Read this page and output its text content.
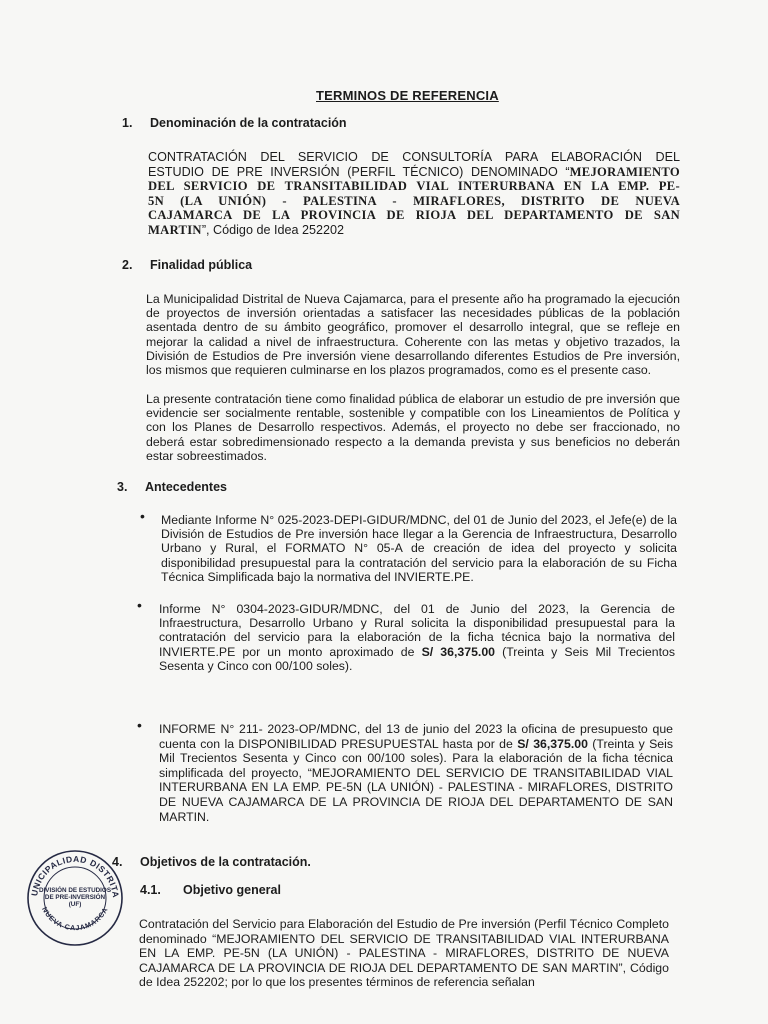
TERMINOS DE REFERENCIA
1. Denominación de la contratación
CONTRATACIÓN DEL SERVICIO DE CONSULTORÍA PARA ELABORACIÓN DEL
ESTUDIO DE PRE INVERSIÓN (PERFIL TÉCNICO) DENOMINADO “MEJORAMIENTO
DEL SERVICIO DE TRANSITABILIDAD VIAL INTERURBANA EN LA EMP. PE-
5N (LA UNIÓN) - PALESTINA - MIRAFLORES, DISTRITO DE NUEVA
CAJAMARCA DE LA PROVINCIA DE RIOJA DEL DEPARTAMENTO DE SAN
MARTIN”, Código de Idea 252202
2. Finalidad pública
La Municipalidad Distrital de Nueva Cajamarca, para el presente año ha programado la ejecución de proyectos de inversión orientadas a satisfacer las necesidades públicas de la población asentada dentro de su ámbito geográfico, promover el desarrollo integral, que se refleje en mejorar la calidad a nivel de infraestructura. Coherente con las metas y objetivo trazados, la División de Estudios de Pre inversión viene desarrollando diferentes Estudios de Pre inversión, los mismos que requieren culminarse en los plazos programados, como es el presente caso.
La presente contratación tiene como finalidad pública de elaborar un estudio de pre inversión que evidencie ser socialmente rentable, sostenible y compatible con los Lineamientos de Política y con los Planes de Desarrollo respectivos. Además, el proyecto no debe ser fraccionado, no deberá estar sobredimensionado respecto a la demanda prevista y sus beneficios no deberán estar sobreestimados.
3. Antecedentes
• Mediante Informe N° 025-2023-DEPI-GIDUR/MDNC, del 01 de Junio del 2023, el Jefe(e) de la División de Estudios de Pre inversión hace llegar a la Gerencia de Infraestructura, Desarrollo Urbano y Rural, el FORMATO N° 05-A de creación de idea del proyecto y solicita disponibilidad presupuestal para la contratación del servicio para la elaboración de su Ficha Técnica Simplificada bajo la normativa del INVIERTE.PE.
• Informe N° 0304-2023-GIDUR/MDNC, del 01 de Junio del 2023, la Gerencia de Infraestructura, Desarrollo Urbano y Rural solicita la disponibilidad presupuestal para la contratación del servicio para la elaboración de la ficha técnica bajo la normativa del INVIERTE.PE por un monto aproximado de S/ 36,375.00 (Treinta y Seis Mil Trecientos Sesenta y Cinco con 00/100 soles).
• INFORME N° 211- 2023-OP/MDNC, del 13 de junio del 2023 la oficina de presupuesto que cuenta con la DISPONIBILIDAD PRESUPUESTAL hasta por de S/ 36,375.00 (Treinta y Seis Mil Trecientos Sesenta y Cinco con 00/100 soles). Para la elaboración de la ficha técnica simplificada del proyecto, “MEJORAMIENTO DEL SERVICIO DE TRANSITABILIDAD VIAL INTERURBANA EN LA EMP. PE-5N (LA UNIÓN) - PALESTINA - MIRAFLORES, DISTRITO DE NUEVA CAJAMARCA DE LA PROVINCIA DE RIOJA DEL DEPARTAMENTO DE SAN MARTIN.
4. Objetivos de la contratación.
4.1. Objetivo general
Contratación del Servicio para Elaboración del Estudio de Pre inversión (Perfil Técnico Completo denominado “MEJORAMIENTO DEL SERVICIO DE TRANSITABILIDAD VIAL INTERURBANA EN LA EMP. PE-5N (LA UNIÓN) - PALESTINA - MIRAFLORES, DISTRITO DE NUEVA CAJAMARCA DE LA PROVINCIA DE RIOJA DEL DEPARTAMENTO DE SAN MARTIN”, Código de Idea 252202; por lo que los presentes términos de referencia señalan
UNICIPALIDAD DISTRITA
NUEVA CAJAMARCA
DIVISIÓN DE ESTUDIOS
DE PRE-INVERSIÓN
(UF)
